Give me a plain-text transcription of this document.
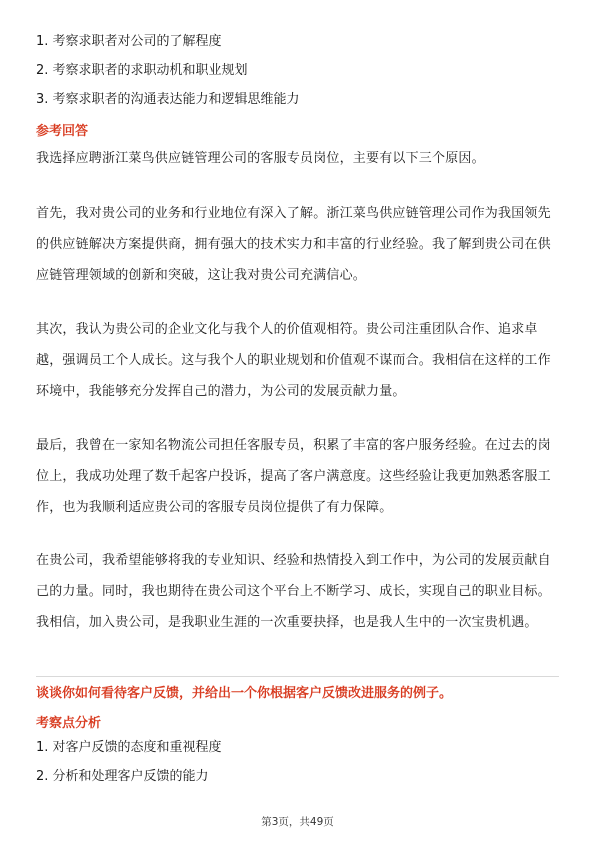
1. 考察求职者对公司的了解程度
2. 考察求职者的求职动机和职业规划
3. 考察求职者的沟通表达能力和逻辑思维能力
参考回答
我选择应聘浙江菜鸟供应链管理公司的客服专员岗位，主要有以下三个原因。
首先，我对贵公司的业务和行业地位有深入了解。浙江菜鸟供应链管理公司作为我国领先的供应链解决方案提供商，拥有强大的技术实力和丰富的行业经验。我了解到贵公司在供应链管理领域的创新和突破，这让我对贵公司充满信心。
其次，我认为贵公司的企业文化与我个人的价值观相符。贵公司注重团队合作、追求卓越，强调员工个人成长。这与我个人的职业规划和价值观不谋而合。我相信在这样的工作环境中，我能够充分发挥自己的潜力，为公司的发展贡献力量。
最后，我曾在一家知名物流公司担任客服专员，积累了丰富的客户服务经验。在过去的岗位上，我成功处理了数千起客户投诉，提高了客户满意度。这些经验让我更加熟悉客服工作，也为我顺利适应贵公司的客服专员岗位提供了有力保障。
在贵公司，我希望能够将我的专业知识、经验和热情投入到工作中，为公司的发展贡献自己的力量。同时，我也期待在贵公司这个平台上不断学习、成长，实现自己的职业目标。我相信，加入贵公司，是我职业生涯的一次重要抉择，也是我人生中的一次宝贵机遇。
谈谈你如何看待客户反馈，并给出一个你根据客户反馈改进服务的例子。
考察点分析
1. 对客户反馈的态度和重视程度
2. 分析和处理客户反馈的能力
第3页，共49页
